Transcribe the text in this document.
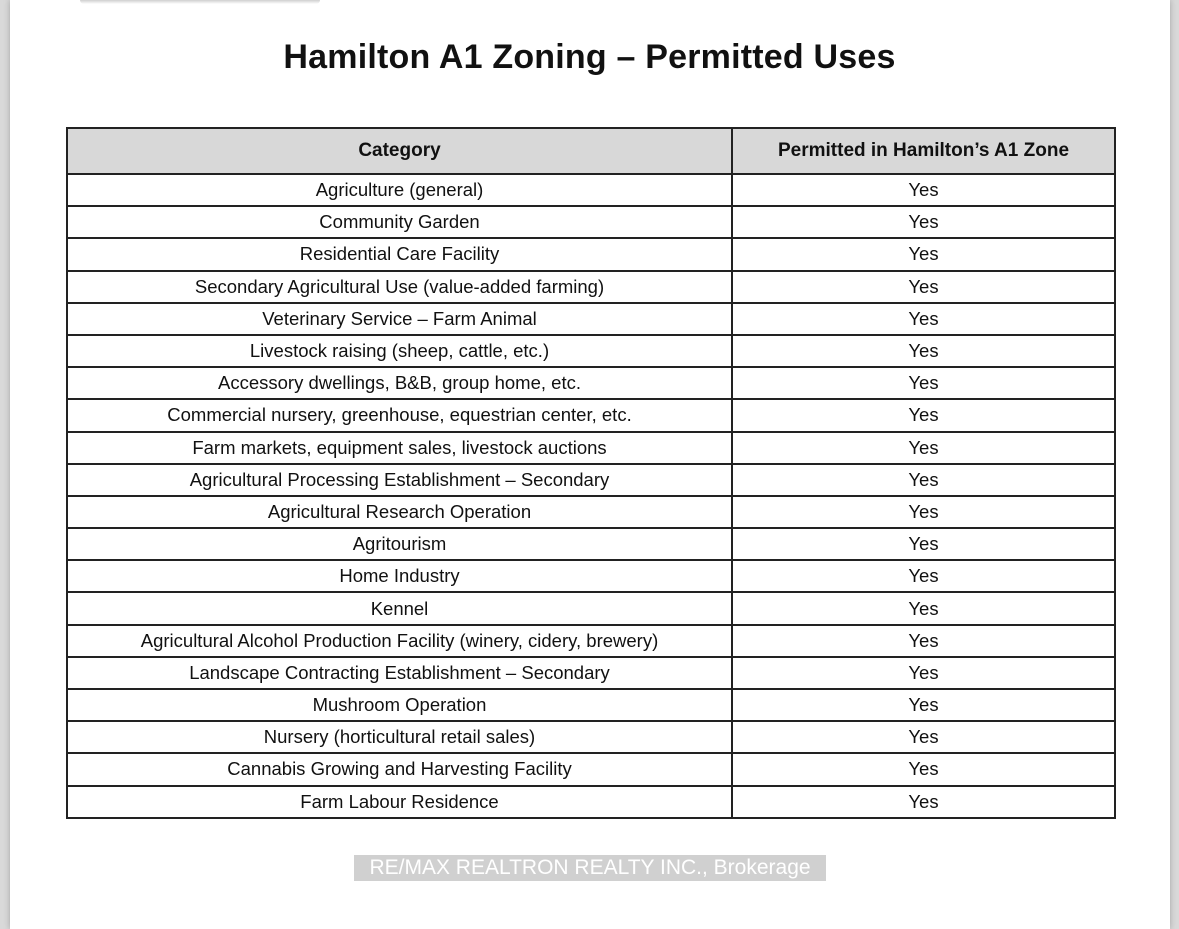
Hamilton A1 Zoning – Permitted Uses
Category	Permitted in Hamilton’s A1 Zone
Agriculture (general)	Yes
Community Garden	Yes
Residential Care Facility	Yes
Secondary Agricultural Use (value-added farming)	Yes
Veterinary Service – Farm Animal	Yes
Livestock raising (sheep, cattle, etc.)	Yes
Accessory dwellings, B&B, group home, etc.	Yes
Commercial nursery, greenhouse, equestrian center, etc.	Yes
Farm markets, equipment sales, livestock auctions	Yes
Agricultural Processing Establishment – Secondary	Yes
Agricultural Research Operation	Yes
Agritourism	Yes
Home Industry	Yes
Kennel	Yes
Agricultural Alcohol Production Facility (winery, cidery, brewery)	Yes
Landscape Contracting Establishment – Secondary	Yes
Mushroom Operation	Yes
Nursery (horticultural retail sales)	Yes
Cannabis Growing and Harvesting Facility	Yes
Farm Labour Residence	Yes
RE/MAX REALTRON REALTY INC., Brokerage
